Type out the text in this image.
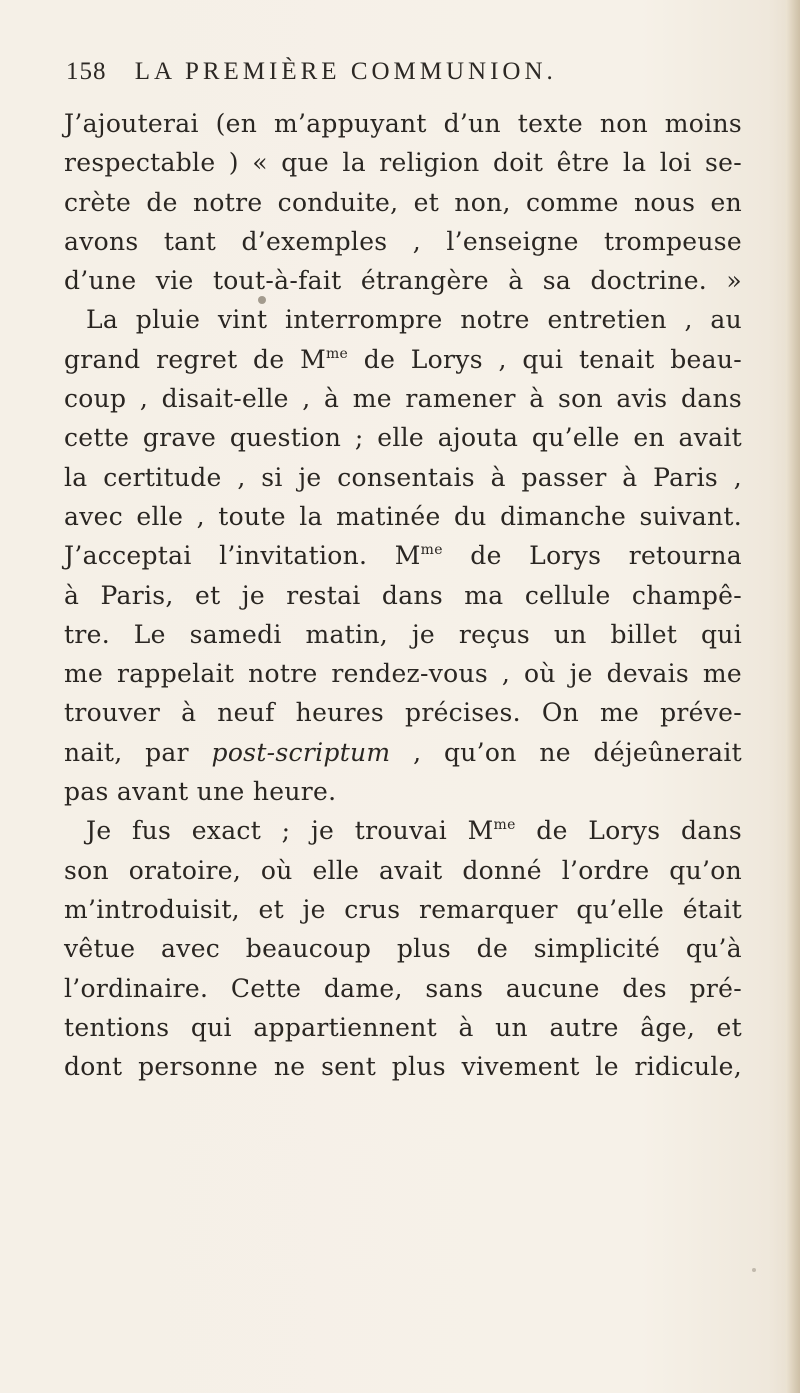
158 LA PREMIÈRE COMMUNION.
J’ajouterai (en m’appuyant d’un texte non moins
respectable ) « que la religion doit être la loi se-
crète de notre conduite, et non, comme nous en
avons tant d’exemples , l’enseigne trompeuse
d’une vie tout-à-fait étrangère à sa doctrine. »
La pluie vint interrompre notre entretien , au
grand regret de $M^{me}$ de Lorys , qui tenait beau-
coup , disait-elle , à me ramener à son avis dans
cette grave question ; elle ajouta qu’elle en avait
la certitude , si je consentais à passer à Paris ,
avec elle , toute la matinée du dimanche suivant.
J’acceptai l’invitation. $M^{me}$ de Lorys retourna
à Paris, et je restai dans ma cellule champê-
tre. Le samedi matin, je reçus un billet qui
me rappelait notre rendez-vous , où je devais me
trouver à neuf heures précises. On me préve-
nait, par post-scriptum , qu’on ne déjeûnerait
pas avant une heure.
Je fus exact ; je trouvai $M^{me}$ de Lorys dans
son oratoire, où elle avait donné l’ordre qu’on
m’introduisit, et je crus remarquer qu’elle était
vêtue avec beaucoup plus de simplicité qu’à
l’ordinaire. Cette dame, sans aucune des pré-
tentions qui appartiennent à un autre âge, et
dont personne ne sent plus vivement le ridicule,
